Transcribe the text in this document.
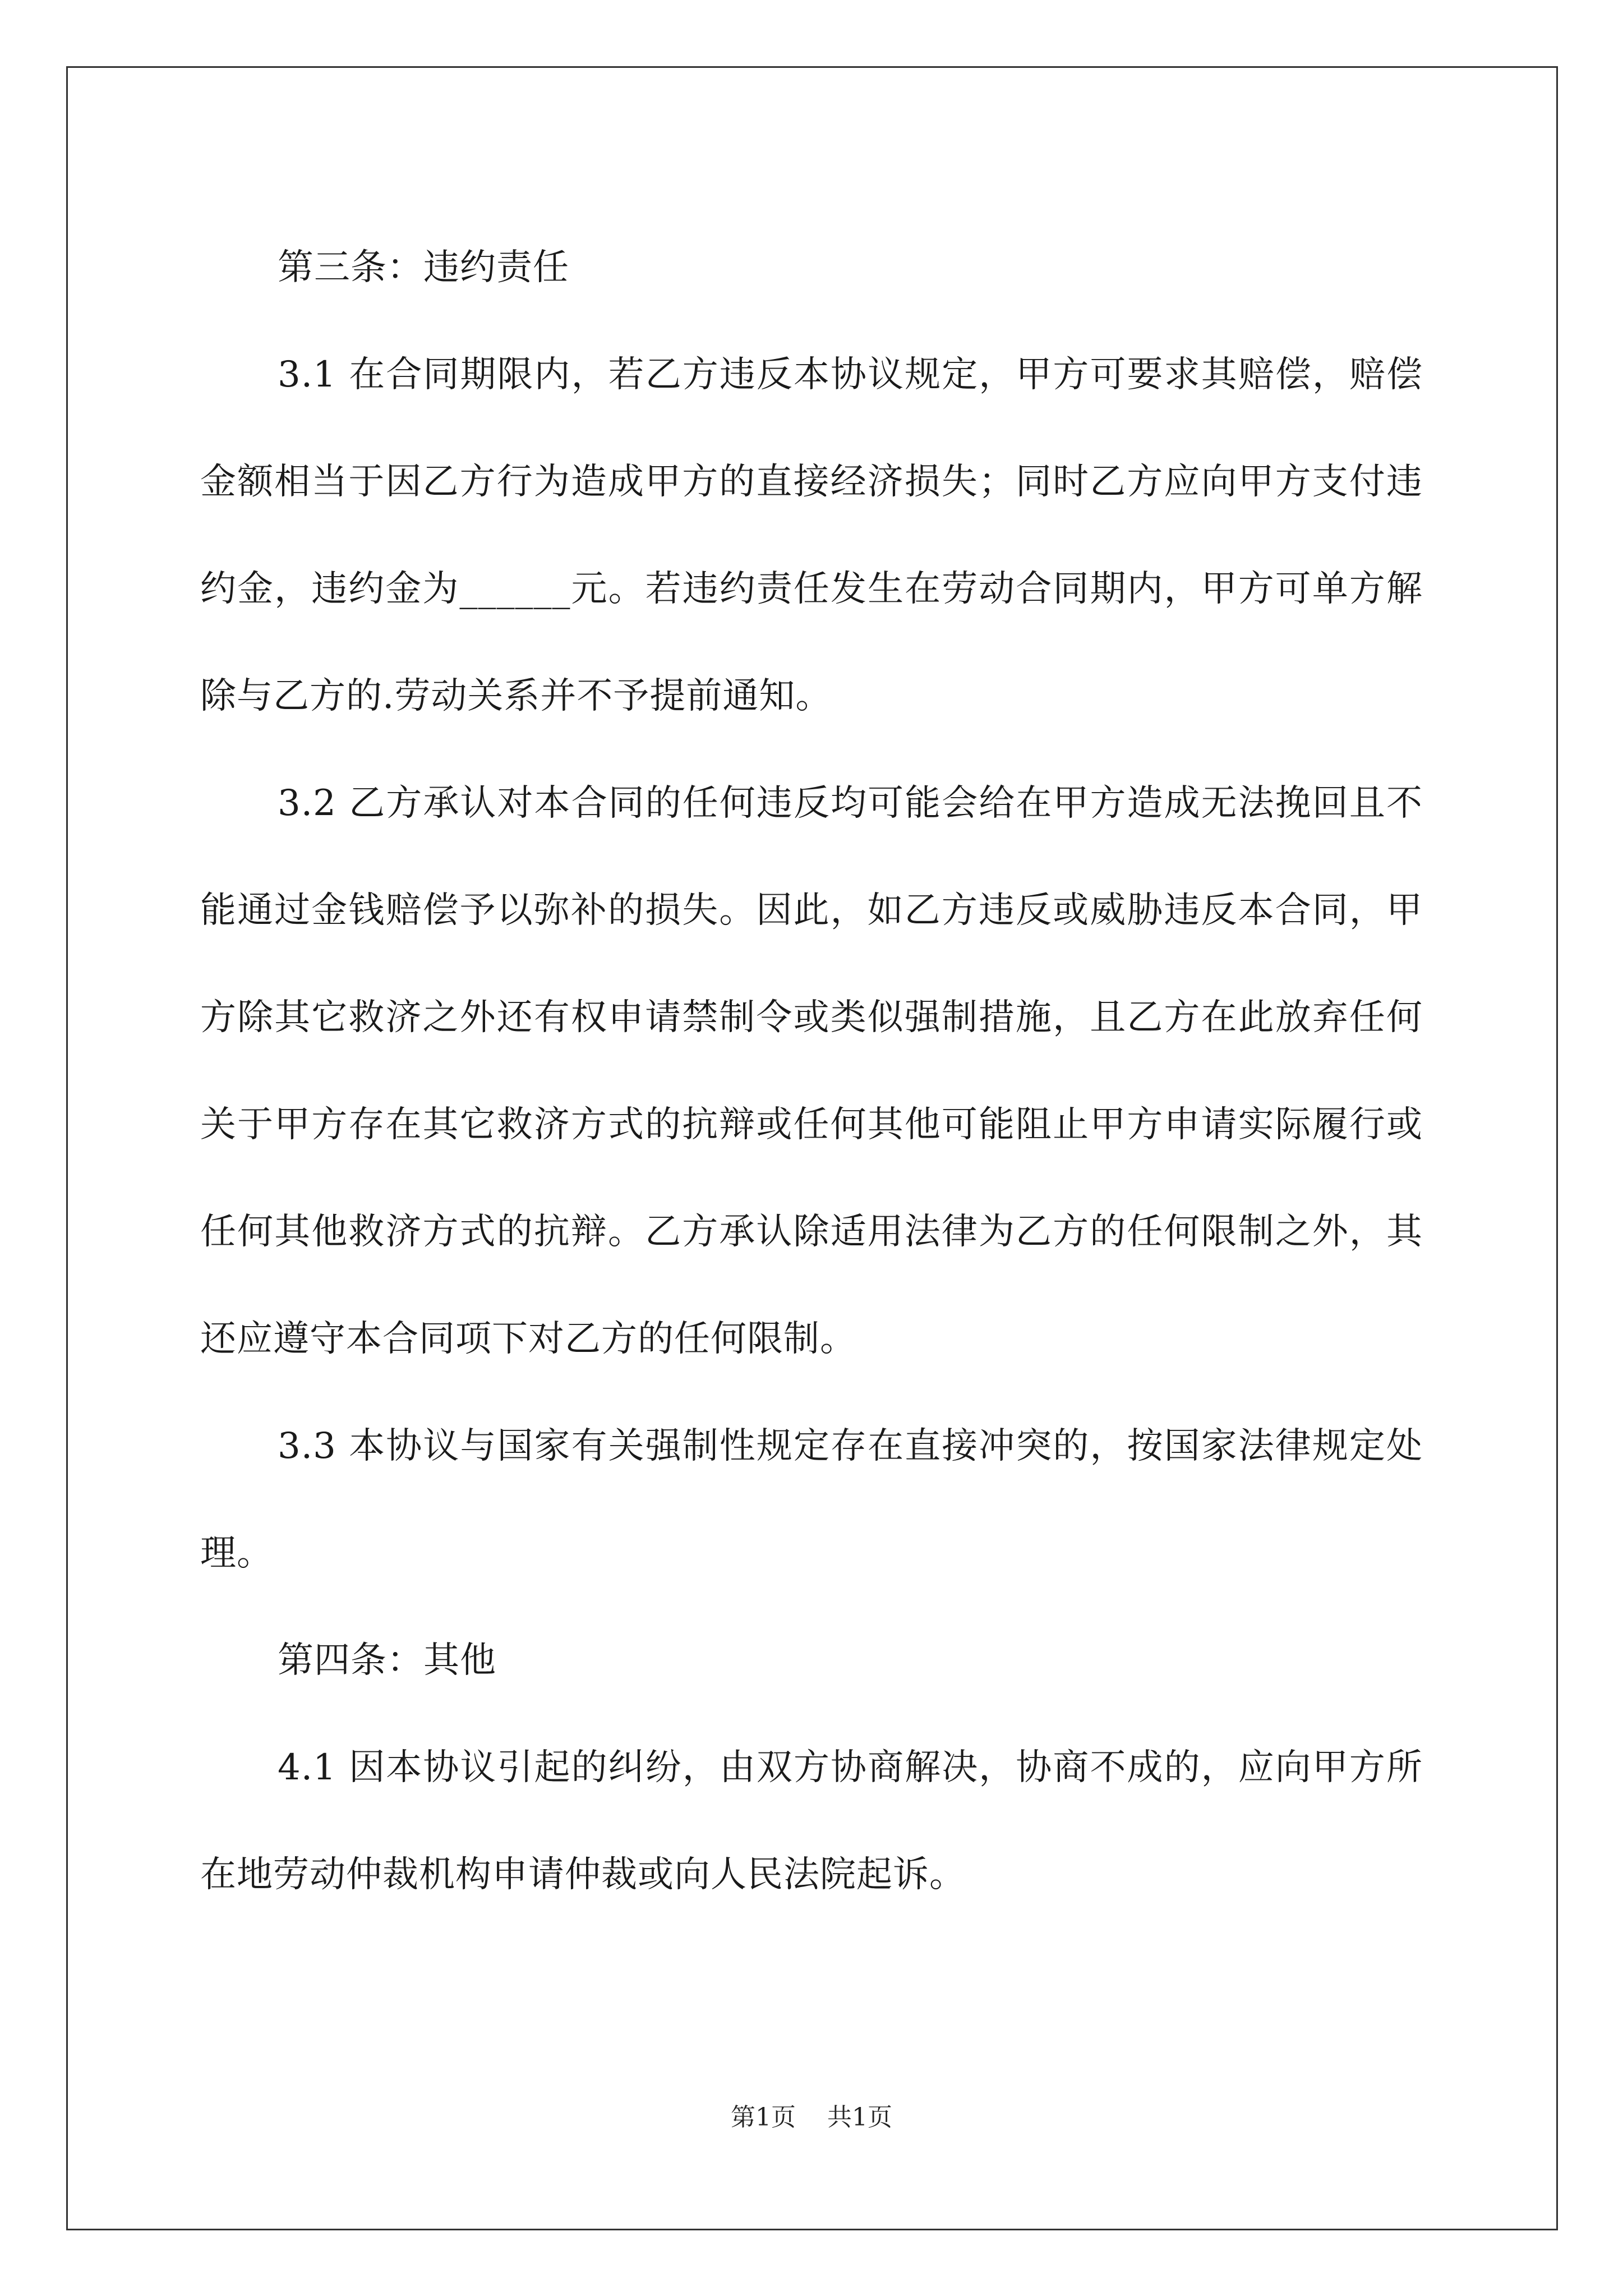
第三条：违约责任

3.1 在合同期限内，若乙方违反本协议规定，甲方可要求其赔偿，赔偿金额相当于因乙方行为造成甲方的直接经济损失；同时乙方应向甲方支付违约金，违约金为______元。若违约责任发生在劳动合同期内，甲方可单方解除与乙方的.劳动关系并不予提前通知。

3.2 乙方承认对本合同的任何违反均可能会给在甲方造成无法挽回且不能通过金钱赔偿予以弥补的损失。因此，如乙方违反或威胁违反本合同，甲方除其它救济之外还有权申请禁制令或类似强制措施，且乙方在此放弃任何关于甲方存在其它救济方式的抗辩或任何其他可能阻止甲方申请实际履行或任何其他救济方式的抗辩。乙方承认除适用法律为乙方的任何限制之外，其还应遵守本合同项下对乙方的任何限制。

3.3 本协议与国家有关强制性规定存在直接冲突的，按国家法律规定处理。

第四条：其他

4.1 因本协议引起的纠纷，由双方协商解决，协商不成的，应向甲方所在地劳动仲裁机构申请仲裁或向人民法院起诉。

第1页 共1页
